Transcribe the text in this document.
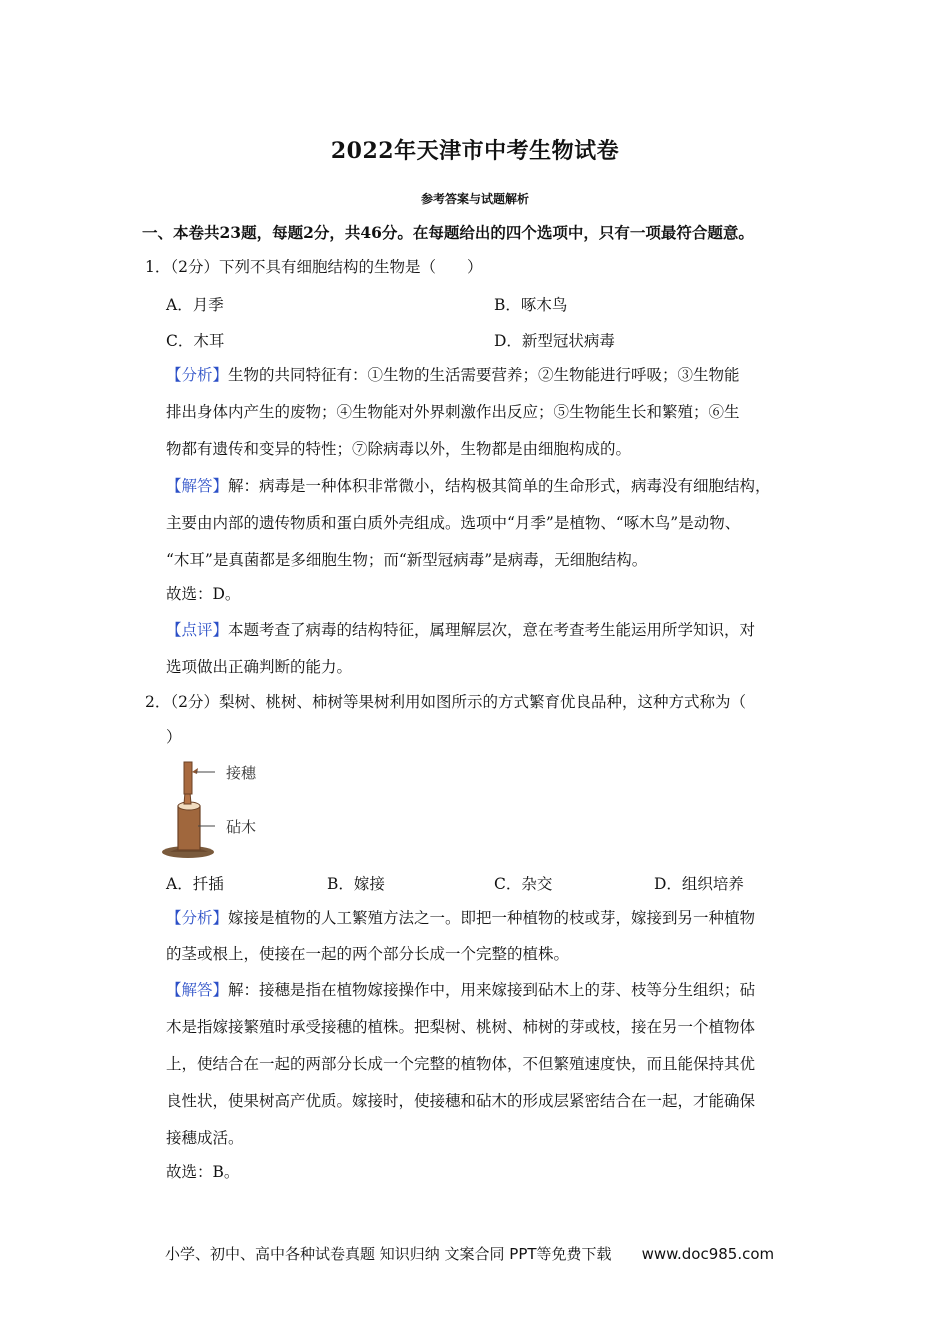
2022年天津市中考生物试卷
参考答案与试题解析
一、本卷共23题，每题2分，共46分。在每题给出的四个选项中，只有一项最符合题意。
1．（2分）下列不具有细胞结构的生物是（　　）
A．月季	B．啄木鸟
C．木耳	D．新型冠状病毒
【分析】生物的共同特征有：①生物的生活需要营养；②生物能进行呼吸；③生物能
排出身体内产生的废物；④生物能对外界刺激作出反应；⑤生物能生长和繁殖；⑥生
物都有遗传和变异的特性；⑦除病毒以外，生物都是由细胞构成的。
【解答】解：病毒是一种体积非常微小，结构极其简单的生命形式，病毒没有细胞结构，
主要由内部的遗传物质和蛋白质外壳组成。选项中“月季”是植物、“啄木鸟”是动物、
“木耳”是真菌都是多细胞生物；而“新型冠病毒”是病毒，无细胞结构。
故选：D。
【点评】本题考查了病毒的结构特征，属理解层次，意在考查考生能运用所学知识，对
选项做出正确判断的能力。
2．（2分）梨树、桃树、柿树等果树利用如图所示的方式繁育优良品种，这种方式称为（
）
接穗
砧木
A．扦插	B．嫁接	C．杂交	D．组织培养
【分析】嫁接是植物的人工繁殖方法之一。即把一种植物的枝或芽，嫁接到另一种植物
的茎或根上，使接在一起的两个部分长成一个完整的植株。
【解答】解：接穗是指在植物嫁接操作中，用来嫁接到砧木上的芽、枝等分生组织；砧
木是指嫁接繁殖时承受接穗的植株。把梨树、桃树、柿树的芽或枝，接在另一个植物体
上，使结合在一起的两部分长成一个完整的植物体，不但繁殖速度快，而且能保持其优
良性状，使果树高产优质。嫁接时，使接穗和砧木的形成层紧密结合在一起，才能确保
接穗成活。
故选：B。
小学、初中、高中各种试卷真题 知识归纳 文案合同 PPT等免费下载 www.doc985.com
